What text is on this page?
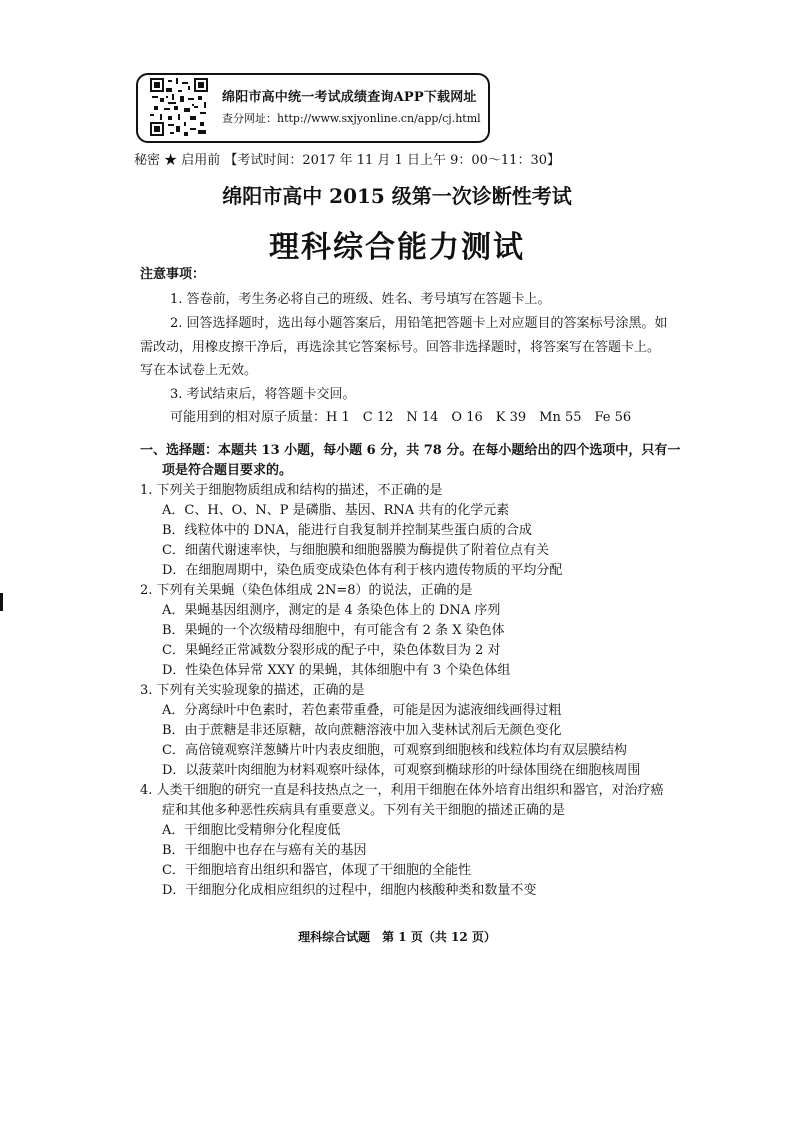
绵阳市高中统一考试成绩查询APP下载网址
查分网址：http://www.sxjyonline.cn/app/cj.html
秘密 ★ 启用前 【考试时间：2017 年 11 月 1 日上午 9：00～11：30】
绵阳市高中 2015 级第一次诊断性考试
理科综合能力测试
注意事项：
1. 答卷前，考生务必将自己的班级、姓名、考号填写在答题卡上。
2. 回答选择题时，选出每小题答案后，用铅笔把答题卡上对应题目的答案标号涂黑。如
需改动，用橡皮擦干净后，再选涂其它答案标号。回答非选择题时，将答案写在答题卡上。
写在本试卷上无效。
3. 考试结束后，将答题卡交回。
可能用到的相对原子质量：H 1　C 12　N 14　O 16　K 39　Mn 55　Fe 56
一、选择题：本题共 13 小题，每小题 6 分，共 78 分。在每小题给出的四个选项中，只有一
项是符合题目要求的。
1. 下列关于细胞物质组成和结构的描述，不正确的是
A．C、H、O、N、P 是磷脂、基因、RNA 共有的化学元素
B．线粒体中的 DNA，能进行自我复制并控制某些蛋白质的合成
C．细菌代谢速率快，与细胞膜和细胞器膜为酶提供了附着位点有关
D．在细胞周期中，染色质变成染色体有利于核内遗传物质的平均分配
2. 下列有关果蝇（染色体组成 2N=8）的说法，正确的是
A．果蝇基因组测序，测定的是 4 条染色体上的 DNA 序列
B．果蝇的一个次级精母细胞中，有可能含有 2 条 X 染色体
C．果蝇经正常减数分裂形成的配子中，染色体数目为 2 对
D．性染色体异常 XXY 的果蝇，其体细胞中有 3 个染色体组
3. 下列有关实验现象的描述，正确的是
A．分离绿叶中色素时，若色素带重叠，可能是因为滤液细线画得过粗
B．由于蔗糖是非还原糖，故向蔗糖溶液中加入斐林试剂后无颜色变化
C．高倍镜观察洋葱鳞片叶内表皮细胞，可观察到细胞核和线粒体均有双层膜结构
D．以菠菜叶肉细胞为材料观察叶绿体，可观察到椭球形的叶绿体围绕在细胞核周围
4. 人类干细胞的研究一直是科技热点之一，利用干细胞在体外培育出组织和器官，对治疗癌
症和其他多种恶性疾病具有重要意义。下列有关干细胞的描述正确的是
A．干细胞比受精卵分化程度低
B．干细胞中也存在与癌有关的基因
C．干细胞培育出组织和器官，体现了干细胞的全能性
D．干细胞分化成相应组织的过程中，细胞内核酸种类和数量不变
理科综合试题　第 1 页（共 12 页）
